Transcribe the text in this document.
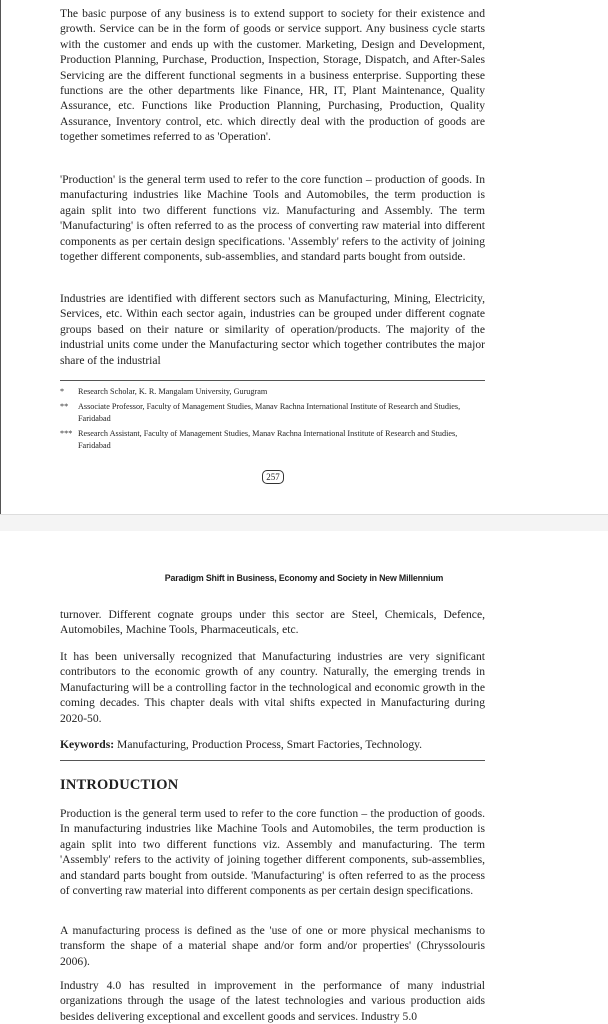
The basic purpose of any business is to extend support to society for their existence and growth. Service can be in the form of goods or service support. Any business cycle starts with the customer and ends up with the customer. Marketing, Design and Development, Production Planning, Purchase, Production, Inspection, Storage, Dispatch, and After-Sales Servicing are the different functional segments in a business enterprise. Supporting these functions are the other departments like Finance, HR, IT, Plant Maintenance, Quality Assurance, etc. Functions like Production Planning, Purchasing, Production, Quality Assurance, Inventory control, etc. which directly deal with the production of goods are together sometimes referred to as 'Operation'.

'Production' is the general term used to refer to the core function – production of goods. In manufacturing industries like Machine Tools and Automobiles, the term production is again split into two different functions viz. Manufacturing and Assembly. The term 'Manufacturing' is often referred to as the process of converting raw material into different components as per certain design specifications. 'Assembly' refers to the activity of joining together different components, sub-assemblies, and standard parts bought from outside.

Industries are identified with different sectors such as Manufacturing, Mining, Electricity, Services, etc. Within each sector again, industries can be grouped under different cognate groups based on their nature or similarity of operation/products. The majority of the industrial units come under the Manufacturing sector which together contributes the major share of the industrial

* Research Scholar, K. R. Mangalam University, Gurugram
** Associate Professor, Faculty of Management Studies, Manav Rachna International Institute of Research and Studies, Faridabad
*** Research Assistant, Faculty of Management Studies, Manav Rachna International Institute of Research and Studies, Faridabad
257
Paradigm Shift in Business, Economy and Society in New Millennium

turnover. Different cognate groups under this sector are Steel, Chemicals, Defence, Automobiles, Machine Tools, Pharmaceuticals, etc.

It has been universally recognized that Manufacturing industries are very significant contributors to the economic growth of any country. Naturally, the emerging trends in Manufacturing will be a controlling factor in the technological and economic growth in the coming decades. This chapter deals with vital shifts expected in Manufacturing during 2020-50.

Keywords: Manufacturing, Production Process, Smart Factories, Technology.

INTRODUCTION

Production is the general term used to refer to the core function – the production of goods. In manufacturing industries like Machine Tools and Automobiles, the term production is again split into two different functions viz. Assembly and manufacturing. The term 'Assembly' refers to the activity of joining together different components, sub-assemblies, and standard parts bought from outside. 'Manufacturing' is often referred to as the process of converting raw material into different components as per certain design specifications.

A manufacturing process is defined as the 'use of one or more physical mechanisms to transform the shape of a material shape and/or form and/or properties' (Chryssolouris 2006).

Industry 4.0 has resulted in improvement in the performance of many industrial organizations through the usage of the latest technologies and various production aids besides delivering exceptional and excellent goods and services. Industry 5.0
